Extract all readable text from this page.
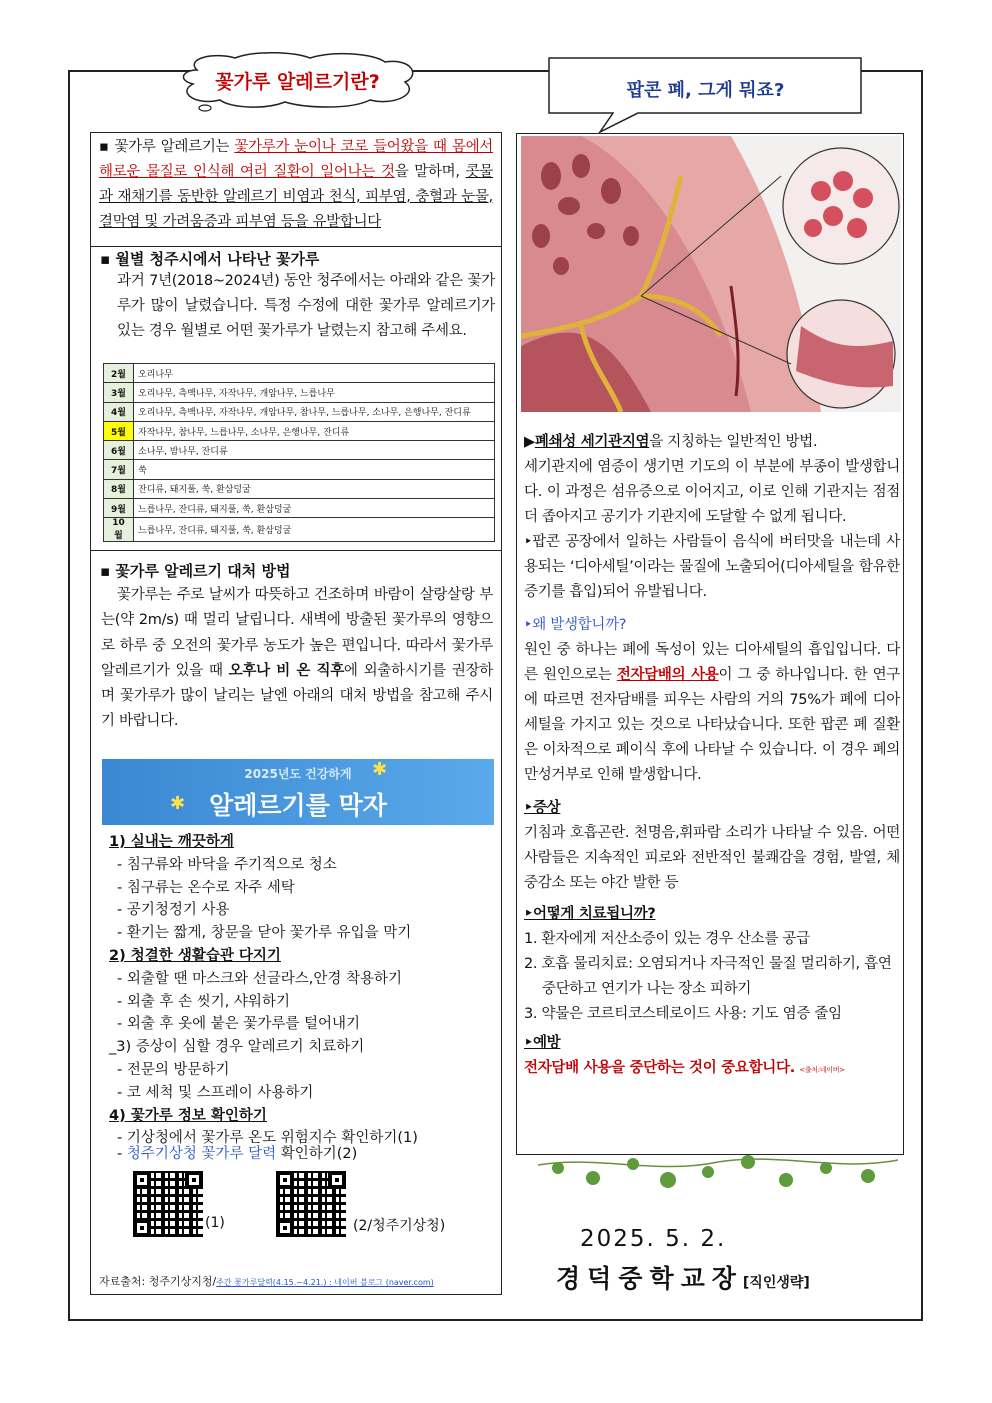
꽃가루 알레르기란?	팝콘 폐, 그게 뭐죠?
▪ 꽃가루 알레르기는 꽃가루가 눈이나 코로 들어왔을 때 몸에서 해로운 물질로 인식해 여러 질환이 일어나는 것을 말하며, 콧물과 재채기를 동반한 알레르기 비염과 천식, 피부염, 충혈과 눈물, 결막염 및 가려움증과 피부염 등을 유발합니다
▪ 월별 청주시에서 나타난 꽃가루
과거 7년(2018~2024년) 동안 청주에서는 아래와 같은 꽃가루가 많이 날렸습니다. 특정 수정에 대한 꽃가루 알레르기가 있는 경우 월별로 어떤 꽃가루가 날렸는지 참고해 주세요.
2월	오리나무
3월	오리나무, 측백나무, 자작나무, 개암나무, 느릅나무
4월	오리나무, 측백나무, 자작나무, 개암나무, 참나무, 느릅나무, 소나무, 은행나무, 잔디류
5월	자작나무, 참나무, 느릅나무, 소나무, 은행나무, 잔디류
6월	소나무, 밤나무, 잔디류
7월	쑥
8월	잔디류, 돼지풀, 쑥, 환삼덩굴
9월	느릅나무, 잔디류, 돼지풀, 쑥, 환삼덩굴
10월	느릅나무, 잔디류, 돼지풀, 쑥, 환삼덩굴
▪ 꽃가루 알레르기 대처 방법
꽃가루는 주로 날씨가 따뜻하고 건조하며 바람이 살랑살랑 부는(약 2m/s) 때 멀리 날립니다. 새벽에 방출된 꽃가루의 영향으로 하루 중 오전의 꽃가루 농도가 높은 편입니다. 따라서 꽃가루 알레르기가 있을 때 오후나 비 온 직후에 외출하시기를 권장하며 꽃가루가 많이 날리는 날엔 아래의 대처 방법을 참고해 주시기 바랍니다.
✱
✱
2025년도 건강하게
알레르기를 막자
1) 실내는 깨끗하게
- 침구류와 바닥을 주기적으로 청소
- 침구류는 온수로 자주 세탁
- 공기청정기 사용
- 환기는 짧게, 창문을 닫아 꽃가루 유입을 막기
2) 청결한 생활습관 다지기
- 외출할 땐 마스크와 선글라스,안경 착용하기
- 외출 후 손 씻기, 샤워하기
- 외출 후 옷에 붙은 꽃가루를 털어내기
_3) 증상이 심할 경우 알레르기 치료하기
- 전문의 방문하기
- 코 세척 및 스프레이 사용하기
4) 꽃가루 정보 확인하기
- 기상청에서 꽃가루 온도 위험지수 확인하기(1)
- 청주기상청 꽃가루 달력 확인하기(2)
(1)	(2/청주기상청)
자료출처: 청주기상지청/주간 꽃가루달력(4.15.~4.21.) : 네이버 블로그 (naver.com)
▶폐쇄성 세기관지염을 지칭하는 일반적인 방법.
세기관지에 염증이 생기면 기도의 이 부분에 부종이 발생합니다. 이 과정은 섬유증으로 이어지고, 이로 인해 기관지는 점점 더 좁아지고 공기가 기관지에 도달할 수 없게 됩니다.
‣팝콘 공장에서 일하는 사람들이 음식에 버터맛을 내는데 사용되는 ‘디아세틸’이라는 물질에 노출되어(디아세틸을 함유한 증기를 흡입)되어 유발됩니다.
‣왜 발생합니까?
원인 중 하나는 폐에 독성이 있는 디아세틸의 흡입입니다. 다른 원인으로는 전자담배의 사용이 그 중 하나입니다. 한 연구에 따르면 전자담배를 피우는 사람의 거의 75%가 폐에 디아세틸을 가지고 있는 것으로 나타났습니다. 또한 팝콘 폐 질환은 이차적으로 폐이식 후에 나타날 수 있습니다. 이 경우 폐의 만성거부로 인해 발생합니다.
‣증상
기침과 호흡곤란. 천명음,휘파람 소리가 나타날 수 있음. 어떤 사람들은 지속적인 피로와 전반적인 불쾌감을 경험, 발열, 체중감소 또는 야간 발한 등
‣어떻게 치료됩니까?
1. 환자에게 저산소증이 있는 경우 산소를 공급
2. 호흡 물리치료: 오염되거나 자극적인 물질 멀리하기, 흡연 중단하고 연기가 나는 장소 피하기
3. 약물은 코르티코스테로이드 사용: 기도 염증 줄임
‣예방
전자담배 사용을 중단하는 것이 중요합니다. <출처:네이버>
2025. 5. 2.
경덕중학교장[직인생략]
